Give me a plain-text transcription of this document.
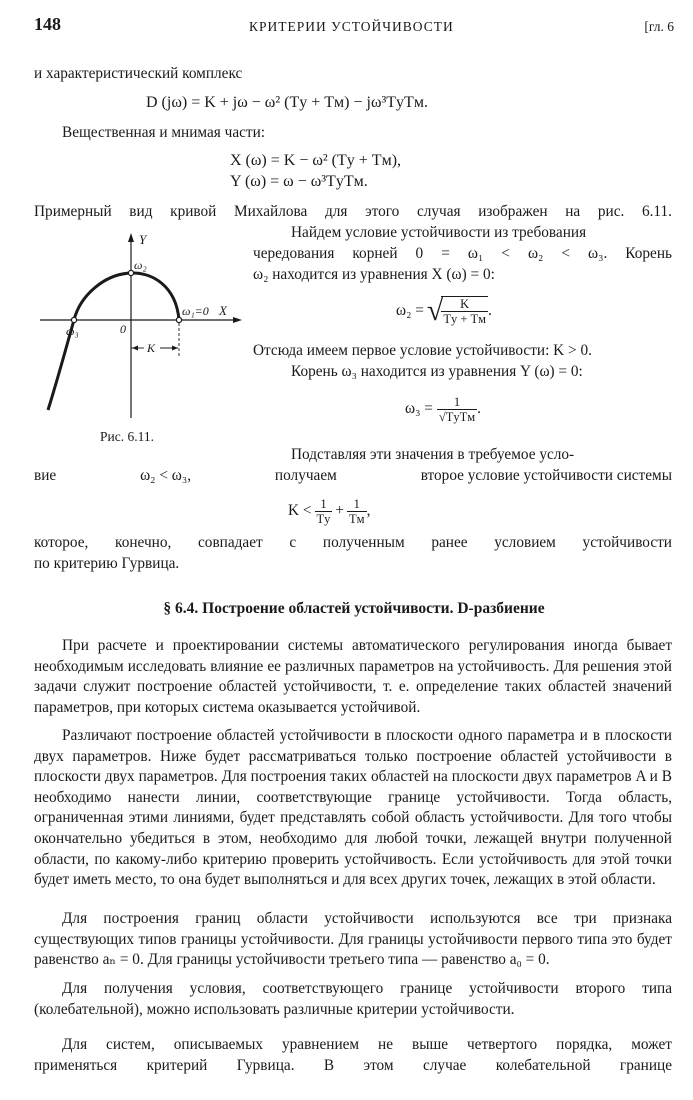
148	КРИТЕРИИ УСТОЙЧИВОСТИ	[гл. 6
и характеристический комплекс
D (jω) = K + jω − ω² (Tу + Tм) − jω³TуTм.
Вещественная и мнимая части:
X (ω) = K − ω² (Tу + Tм),
Y (ω) = ω − ω³TуTм.
Примерный вид кривой Михайлова для этого случая изображен на рис. 6.11.
Найдем условие устойчивости из требования
чередования корней 0 = ω₁ < ω₂ < ω₃. Корень
ω₂ находится из уравнения X (ω) = 0:
ω₂ = √
$\frac{K}{Tу + Tм}$ .
Отсюда имеем первое условие устойчивости: K > 0.
Корень ω₃ находится из уравнения Y (ω) = 0:
$\omega_3 = \frac{1}{\text{√TуTм}}$ .
Y
X
ω₂
ω₃
ω₁=0
0
K
Рис. 6.11.
Подставляя эти значения в требуемое усло-
вие	ω₂ < ω₃,	получаем	второе условие устойчивости системы
$K < \frac{1}{Tу} + \frac{1}{Tм}$ ,
которое, конечно, совпадает с полученным ранее условием устойчивости
по критерию Гурвица.
§ 6.4. Построение областей устойчивости. D-разбиение
При расчете и проектировании системы автоматического регулирования иногда бывает необходимым исследовать влияние ее различных параметров на устойчивость. Для решения этой задачи служит построение областей устойчивости, т. е. определение таких областей значений параметров, при которых система оказывается устойчивой.
Различают построение областей устойчивости в плоскости одного параметра и в плоскости двух параметров. Ниже будет рассматриваться только построение областей устойчивости в плоскости двух параметров. Для построения таких областей на плоскости двух параметров A и B необходимо нанести линии, соответствующие границе устойчивости. Тогда область, ограниченная этими линиями, будет представлять собой область устойчивости. Для того чтобы окончательно убедиться в этом, необходимо для любой точки, лежащей внутри полученной области, по какому-либо критерию проверить устойчивость. Если устойчивость для этой точки будет иметь место, то она будет выполняться и для всех других точек, лежащих в этой области.
Для построения границ области устойчивости используются все три признака существующих типов границы устойчивости. Для границы устойчивости первого типа это будет равенство aₙ = 0. Для границы устойчивости третьего типа — равенство a₀ = 0.
Для получения условия, соответствующего границе устойчивости второго типа (колебательной), можно использовать различные критерии устойчивости.
Для систем, описываемых уравнением не выше четвертого порядка, может
применяться критерий Гурвица. В этом случае колебательной границе
